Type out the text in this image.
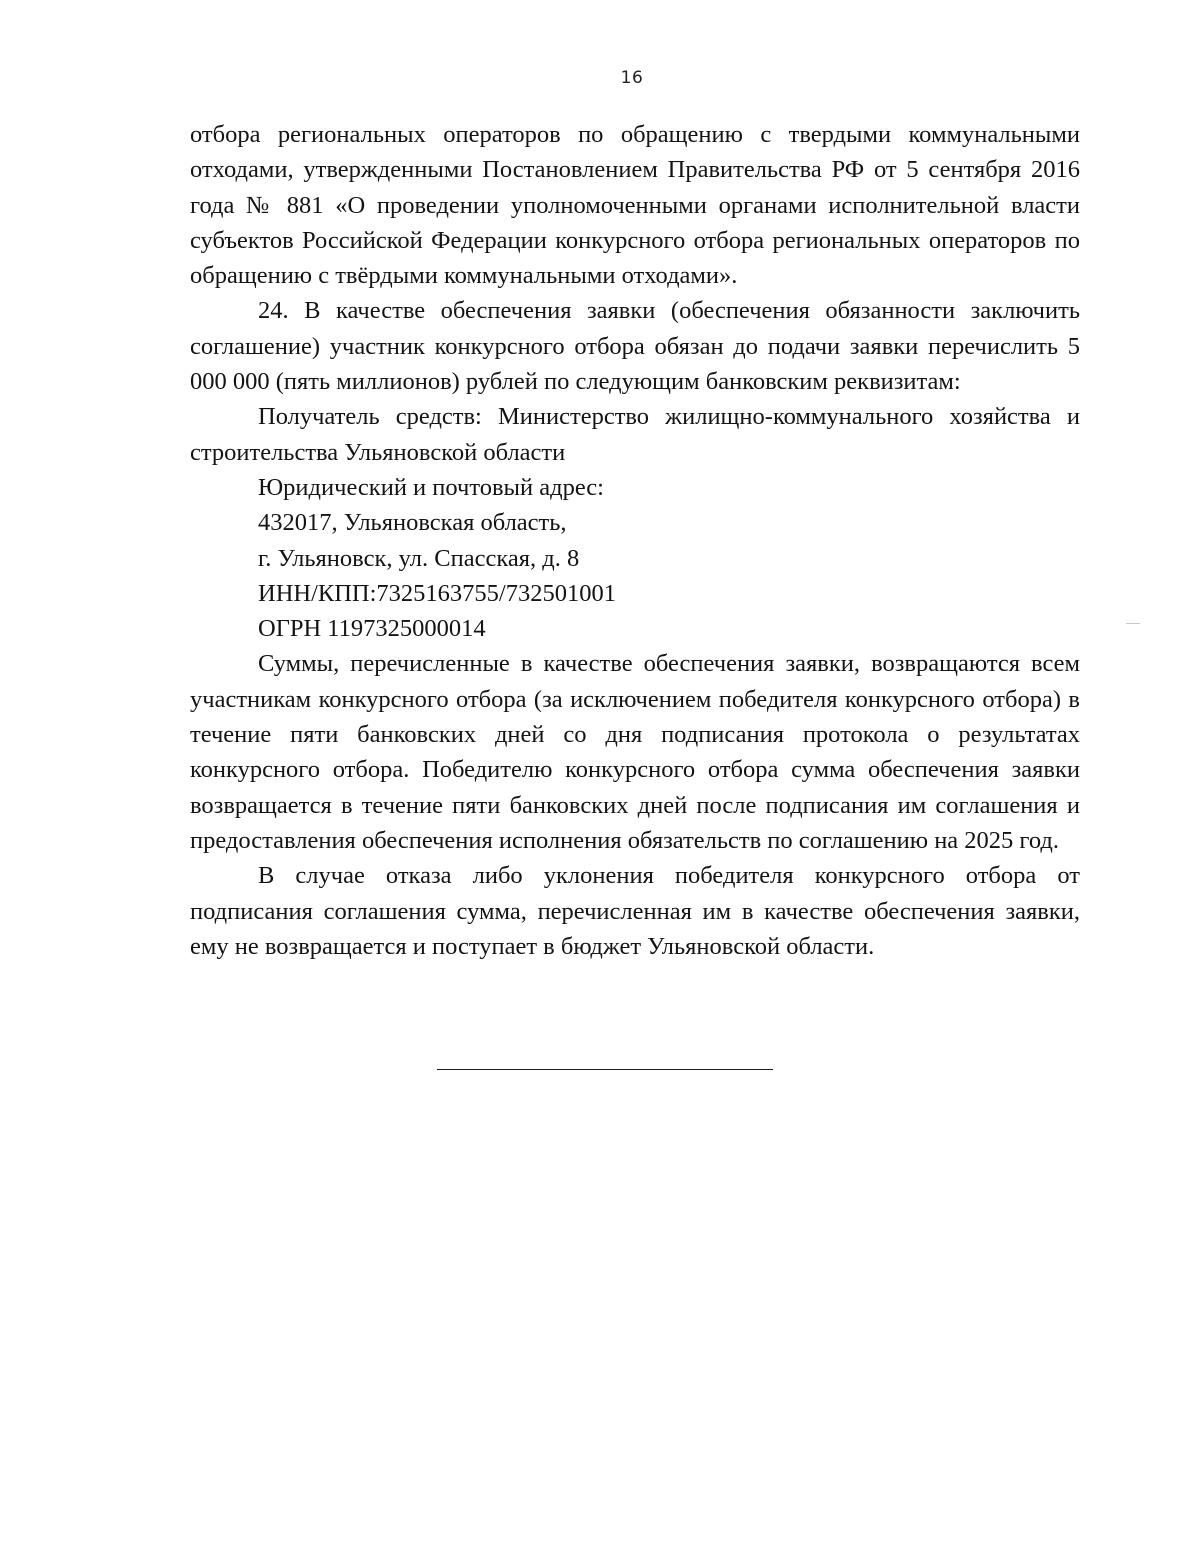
16

отбора региональных операторов по обращению с твердыми коммунальными отходами, утвержденными Постановлением Правительства РФ от 5 сентября 2016 года № 881 «О проведении уполномоченными органами исполнительной власти субъектов Российской Федерации конкурсного отбора региональных операторов по обращению с твёрдыми коммунальными отходами».

24. В качестве обеспечения заявки (обеспечения обязанности заключить соглашение) участник конкурсного отбора обязан до подачи заявки перечислить 5 000 000 (пять миллионов) рублей по следующим банковским реквизитам:

Получатель средств: Министерство жилищно-коммунального хозяйства и строительства Ульяновской области

Юридический и почтовый адрес:

432017, Ульяновская область,

г. Ульяновск, ул. Спасская, д. 8

ИНН/КПП:7325163755/732501001

ОГРН 1197325000014

Суммы, перечисленные в качестве обеспечения заявки, возвращаются всем участникам конкурсного отбора (за исключением победителя конкурсного отбора) в течение пяти банковских дней со дня подписания протокола о результатах конкурсного отбора. Победителю конкурсного отбора сумма обеспечения заявки возвращается в течение пяти банковских дней после подписания им соглашения и предоставления обеспечения исполнения обязательств по соглашению на 2025 год.

В случае отказа либо уклонения победителя конкурсного отбора от подписания соглашения сумма, перечисленная им в качестве обеспечения заявки, ему не возвращается и поступает в бюджет Ульяновской области.
